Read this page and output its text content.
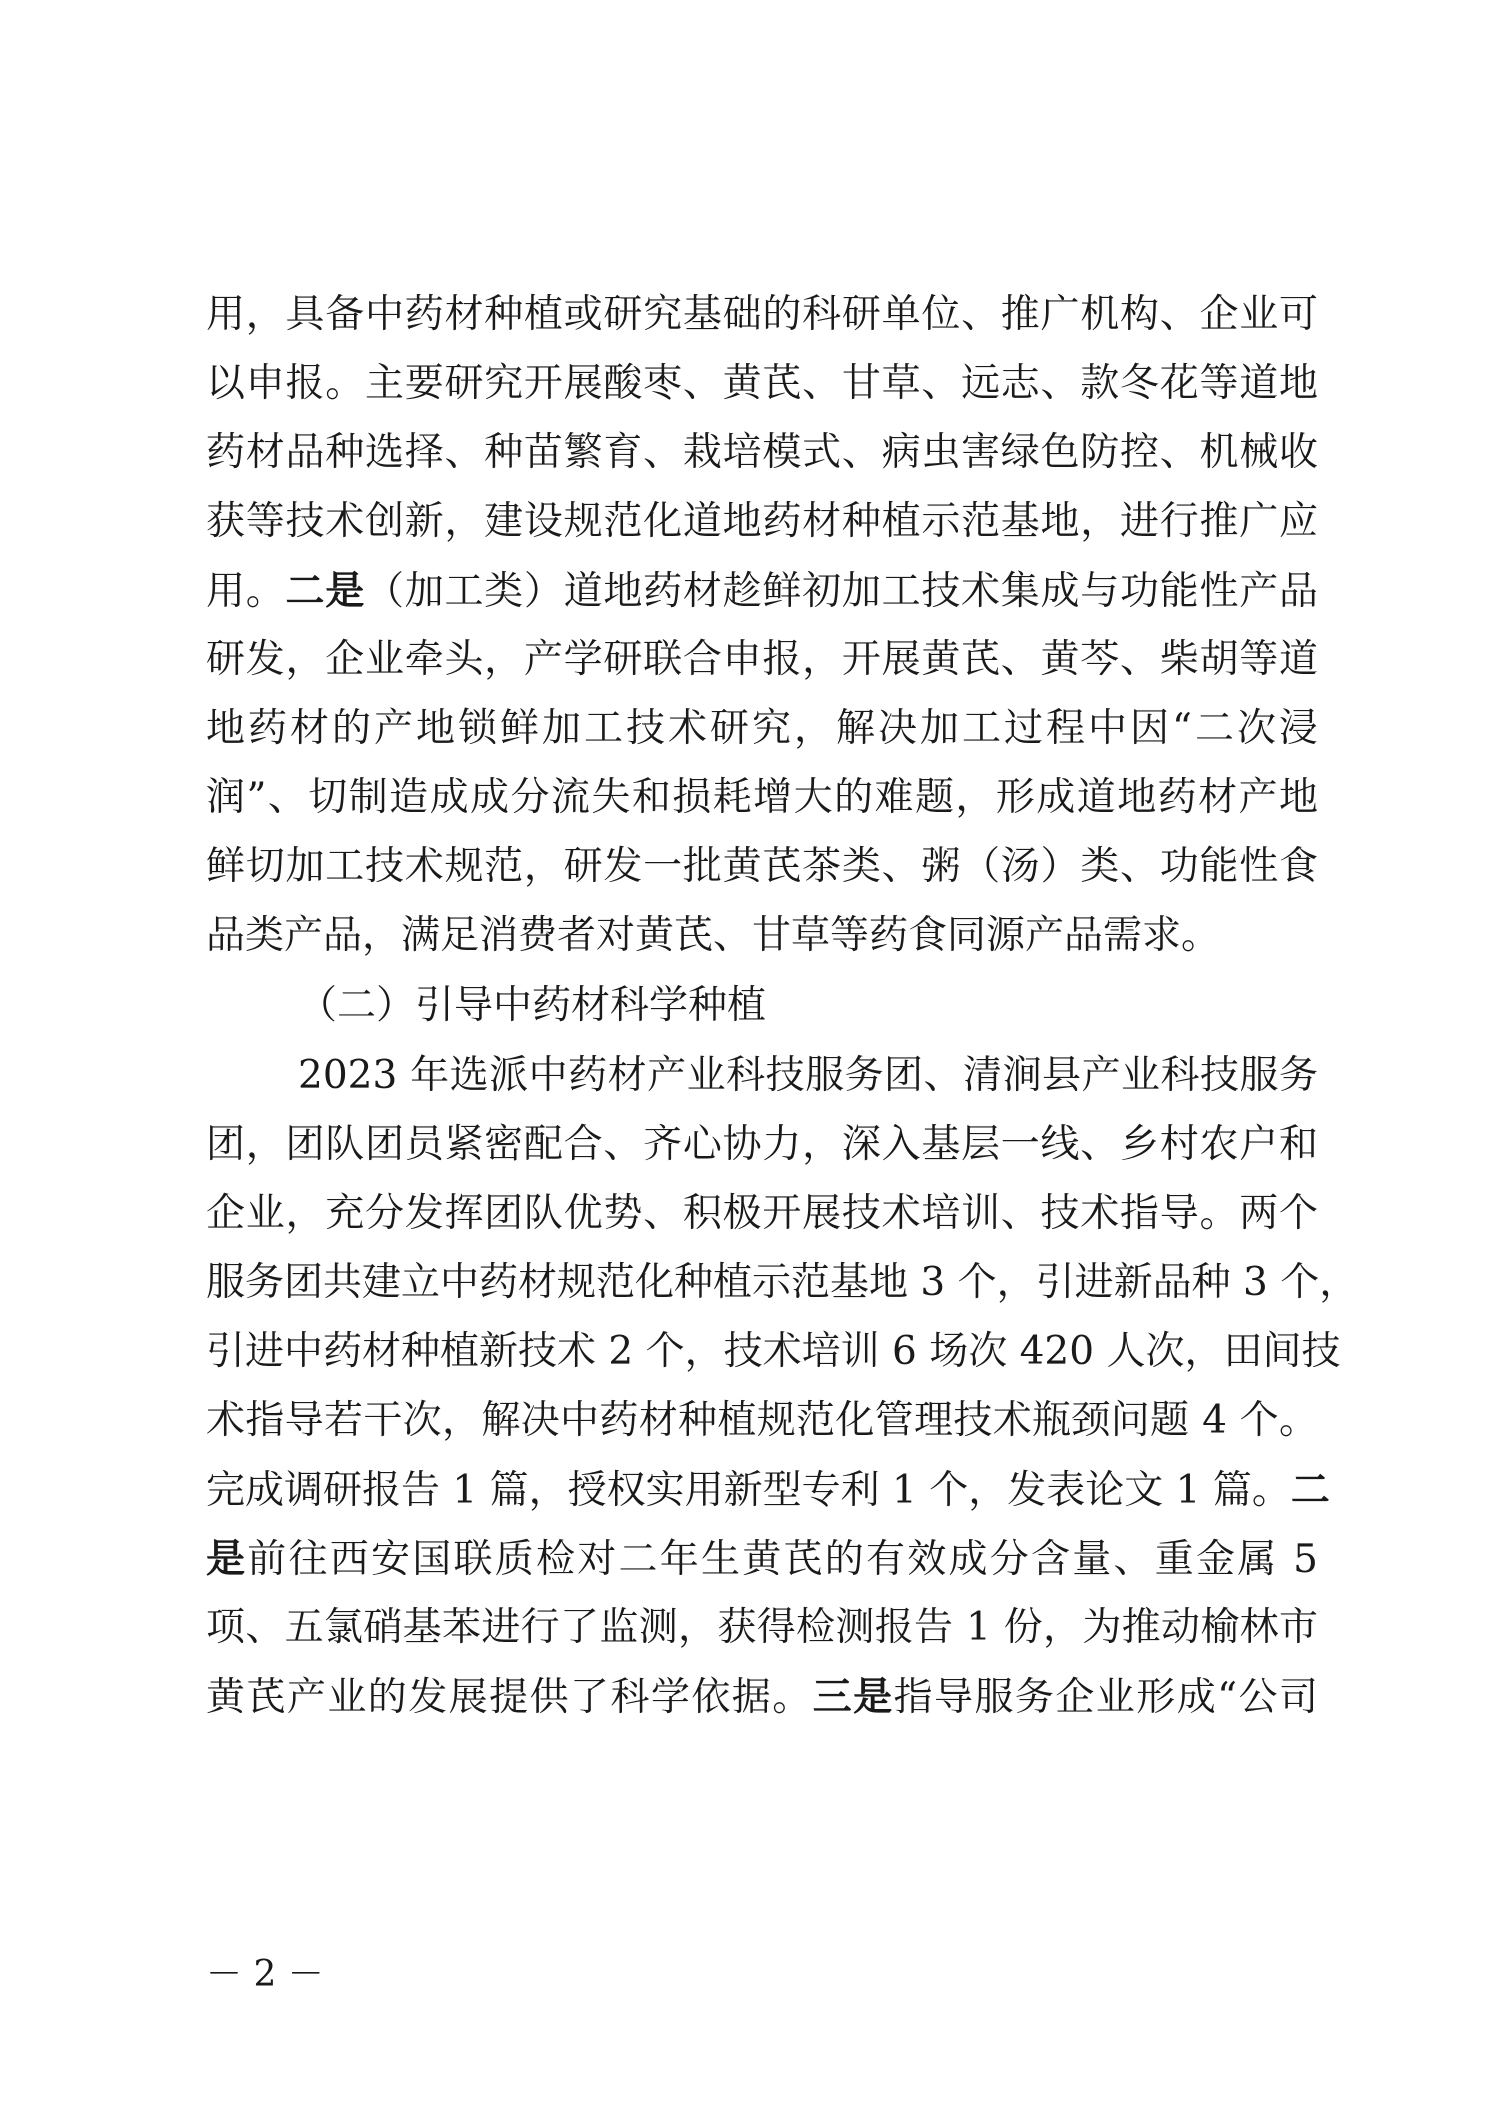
用，具备中药材种植或研究基础的科研单位、推广机构、企业可
以申报。主要研究开展酸枣、黄芪、甘草、远志、款冬花等道地
药材品种选择、种苗繁育、栽培模式、病虫害绿色防控、机械收
获等技术创新，建设规范化道地药材种植示范基地，进行推广应
用。二是（加工类）道地药材趁鲜初加工技术集成与功能性产品
研发，企业牵头，产学研联合申报，开展黄芪、黄芩、柴胡等道
地药材的产地锁鲜加工技术研究，解决加工过程中因“二次浸
润”、切制造成成分流失和损耗增大的难题，形成道地药材产地
鲜切加工技术规范，研发一批黄芪茶类、粥（汤）类、功能性食
品类产品，满足消费者对黄芪、甘草等药食同源产品需求。
（二）引导中药材科学种植
2023 年选派中药材产业科技服务团、清涧县产业科技服务
团，团队团员紧密配合、齐心协力，深入基层一线、乡村农户和
企业，充分发挥团队优势、积极开展技术培训、技术指导。两个
服务团共建立中药材规范化种植示范基地 3 个，引进新品种 3 个，
引进中药材种植新技术 2 个，技术培训 6 场次 420 人次，田间技
术指导若干次，解决中药材种植规范化管理技术瓶颈问题 4 个。
完成调研报告 1 篇，授权实用新型专利 1 个，发表论文 1 篇。二
是前往西安国联质检对二年生黄芪的有效成分含量、重金属 5
项、五氯硝基苯进行了监测，获得检测报告 1 份，为推动榆林市
黄芪产业的发展提供了科学依据。三是指导服务企业形成“公司
－ 2 －
